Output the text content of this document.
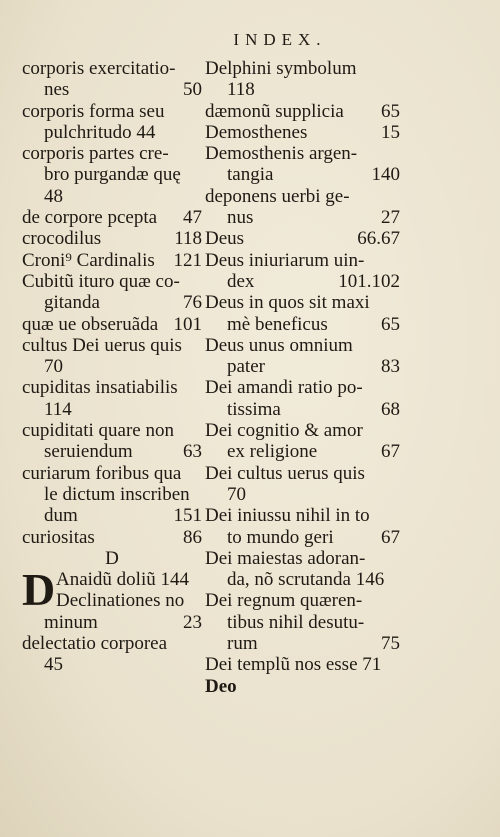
INDEX.
corporis exercitatio-
nes	50
corporis forma seu
pulchritudo 44
corporis partes cre-
bro purgandæ quę
48
de corpore pcepta 47
crocodilus	118
Croni⁹ Cardinalis 121
Cubitũ ituro quæ co-
gitanda	76
quæ ue obseruãda 101
cultus Dei uerus quis
70
cupiditas insatiabilis
114
cupiditati quare non
seruiendum	63
curiarum foribus qua
le dictum inscriben
dum	151
curiositas	86
D
D Anaidũ doliũ 144
Declinationes no
minum	23
delectatio corporea
45
Delphini symbolum
118
dæmonũ supplicia 65
Demosthenes	15
Demosthenis argen-
tangia	140
deponens uerbi ge-
nus	27
Deus	66.67
Deus iniuriarum uin-
dex	101.102
Deus in quos sit maxi
mè beneficus	65
Deus unus omnium
pater	83
Dei amandi ratio po-
tissima	68
Dei cognitio & amor
ex religione	67
Dei cultus uerus quis
70
Dei iniussu nihil in to
to mundo geri 67
Dei maiestas adoran-
da, nõ scrutanda 146
Dei regnum quæren-
tibus nihil desutu-
rum	75
Dei templũ nos esse 71
Deo
